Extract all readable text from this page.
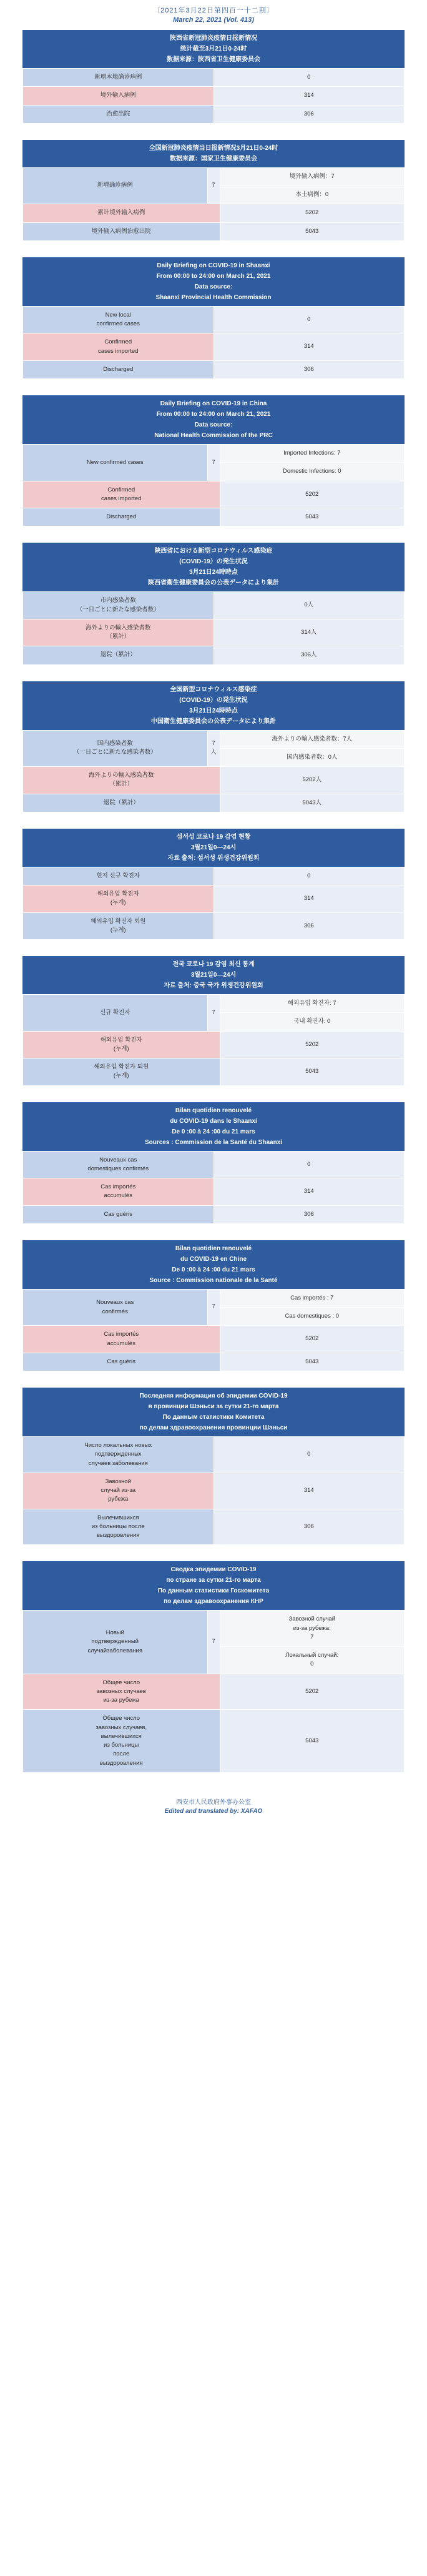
〔2021年3月22日第四百一十二期〕
March 22, 2021 (Vol. 413)
陕西省新冠肺炎疫情日报新情况
统计截至3月21日0-24时
数据来源：陕西省卫生健康委员会
新增本地确诊病例	0
境外输入病例	314
治愈出院	306
全国新冠肺炎疫情当日报新情况3月21日0-24时
数据来源：国家卫生健康委员会
新增确诊病例	7	境外输入病例：7
		本土病例：0
累计境外输入病例		5202
境外输入病例治愈出院		5043
Daily Briefing on COVID-19 in Shaanxi
From 00:00 to 24:00 on March 21, 2021
Data source:
Shaanxi Provincial Health Commission
New local
confirmed cases	0
Confirmed
cases imported	314
Discharged	306
Daily Briefing on COVID-19 in China
From 00:00 to 24:00 on March 21, 2021
Data source:
National Health Commission of the PRC
New confirmed cases	7	Imported Infections: 7
		Domestic Infections: 0
Confirmed
cases imported		5202
Discharged		5043
陕西省における新型コロナウィルス感染症
(COVID-19）の発生状況
3月21日24時時点
陕西省衛生健康委員会の公表データにより集計
市内感染者数
（一日ごとに新たな感染者数）	0人
海外よりの輸入感染者数
（累計）	314人
退院（累計）	306人
全国新型コロナウィルス感染症
(COVID-19）の発生状況
3月21日24時時点
中国衛生健康委員会の公表データにより集計
国内感染者数
（一日ごとに新たな感染者数）	7人	海外よりの輸入感染者数：7人
		国内感染者数：0人
海外よりの輸入感染者数
（累計）		5202人
退院（累計）		5043人
섬서성 코로나 19 감염 현황
3월21일0—24시
자료 출처: 섬서성 위생건강위원회
현지 신규 확진자	0
해외유입 확진자
(누계)	314
해외유입 확진자 퇴원
(누계)	306
전국 코로나 19 감염 최신 통계
3월21일0—24시
자료 출처: 중국 국가 위생건강위원회
신규 확진자	7	해외유입 확진자: 7
		국내 확진자: 0
해외유입 확진자
(누계)		5202
해외유입 확진자 퇴원
(누계)		5043
Bilan quotidien renouvelé
du COVID-19 dans le Shaanxi
De 0 :00 à 24 :00 du 21 mars
Sources : Commission de la Santé du Shaanxi
Nouveaux cas
domestiques confirmés	0
Cas importés
accumulés	314
Cas guéris	306
Bilan quotidien renouvelé
du COVID-19 en Chine
De 0 :00 à 24 :00 du 21 mars
Source : Commission nationale de la Santé
Nouveaux cas
confirmés	7	Cas importés : 7
		Cas domestiques : 0
Cas importés
accumulés		5202
Cas guéris		5043
Последняя информация об эпидемии COVID-19
в провинции Шэньси за сутки 21-го марта
По данным статистики Комитета
по делам здравоохранения провинции Шэньси
Число локальных новых
подтвержденных
случаев заболевания	0
Завозной
случай из-за
рубежа	314
Вылечившихся
из больницы после
выздоровления	306
Сводка эпидемии COVID-19
по стране за сутки 21-го марта
По данным статистики Госкомитета
по делам здравоохранения КНР
Новый
подтвержденный
случайзаболевания	7	Завозной случай
из-за рубежа:
7
		Локальный случай:
0
Общее число
завозных случаев
из-за рубежа		5202
Общее число
завозных случаев,
вылечившихся
из больницы
после
выздоровления	5043
西安市人民政府外事办公室
Edited and translated by: XAFAO
